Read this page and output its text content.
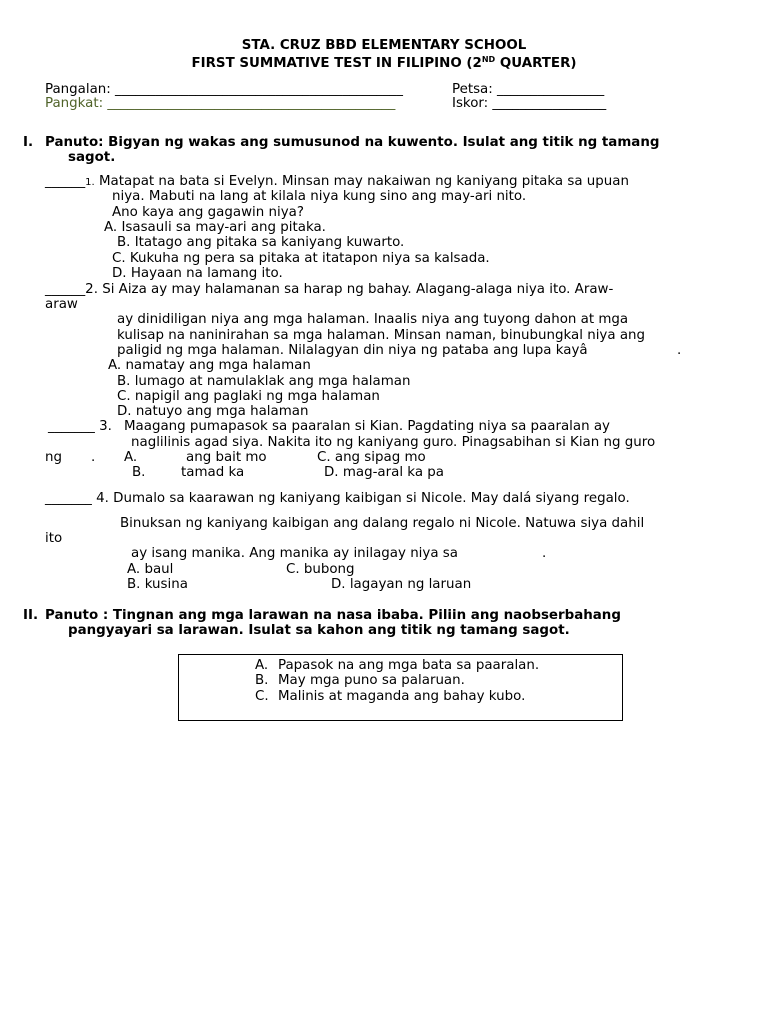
STA. CRUZ BBD ELEMENTARY SCHOOL
FIRST SUMMATIVE TEST IN FILIPINO (2ND QUARTER)
Pangalan: ___________________________________________	Petsa: ________________
Pangkat: ___________________________________________	Iskor: _________________
I. Panuto: Bigyan ng wakas ang sumusunod na kuwento. Isulat ang titik ng tamang
sagot.
______1. Matapat na bata si Evelyn. Minsan may nakaiwan ng kaniyang pitaka sa upuan
niya. Mabuti na lang at kilala niya kung sino ang may-ari nito.
Ano kaya ang gagawin niya?
A. Isasauli sa may-ari ang pitaka.
B. Itatago ang pitaka sa kaniyang kuwarto.
C. Kukuha ng pera sa pitaka at itatapon niya sa kalsada.
D. Hayaan na lamang ito.
______2. Si Aiza ay may halamanan sa harap ng bahay. Alagang-alaga niya ito. Araw-
araw
ay dinidiligan niya ang mga halaman. Inaalis niya ang tuyong dahon at mga
kulisap na naninirahan sa mga halaman. Minsan naman, binubungkal niya ang
paligid ng mga halaman. Nilalagyan din niya ng pataba ang lupa kayâ	.
A. namatay ang mga halaman
B. lumago at namulaklak ang mga halaman
C. napigil ang paglaki ng mga halaman
D. natuyo ang mga halaman
_______ 3. Maagang pumapasok sa paaralan si Kian. Pagdating niya sa paaralan ay
naglilinis agad siya. Nakita ito ng kaniyang guro. Pinagsabihan si Kian ng guro
ng . A.	ang bait mo	C. ang sipag mo
B.	tamad ka	D. mag-aral ka pa
_______ 4. Dumalo sa kaarawan ng kaniyang kaibigan si Nicole. May dalá siyang regalo.
Binuksan ng kaniyang kaibigan ang dalang regalo ni Nicole. Natuwa siya dahil
ito
ay isang manika. Ang manika ay inilagay niya sa	.
A. baul	C. bubong
B. kusina	D. lagayan ng laruan
II. Panuto : Tingnan ang mga larawan na nasa ibaba. Piliin ang naobserbahang
pangyayari sa larawan. Isulat sa kahon ang titik ng tamang sagot.
A. Papasok na ang mga bata sa paaralan.
B. May mga puno sa palaruan.
C. Malinis at maganda ang bahay kubo.
